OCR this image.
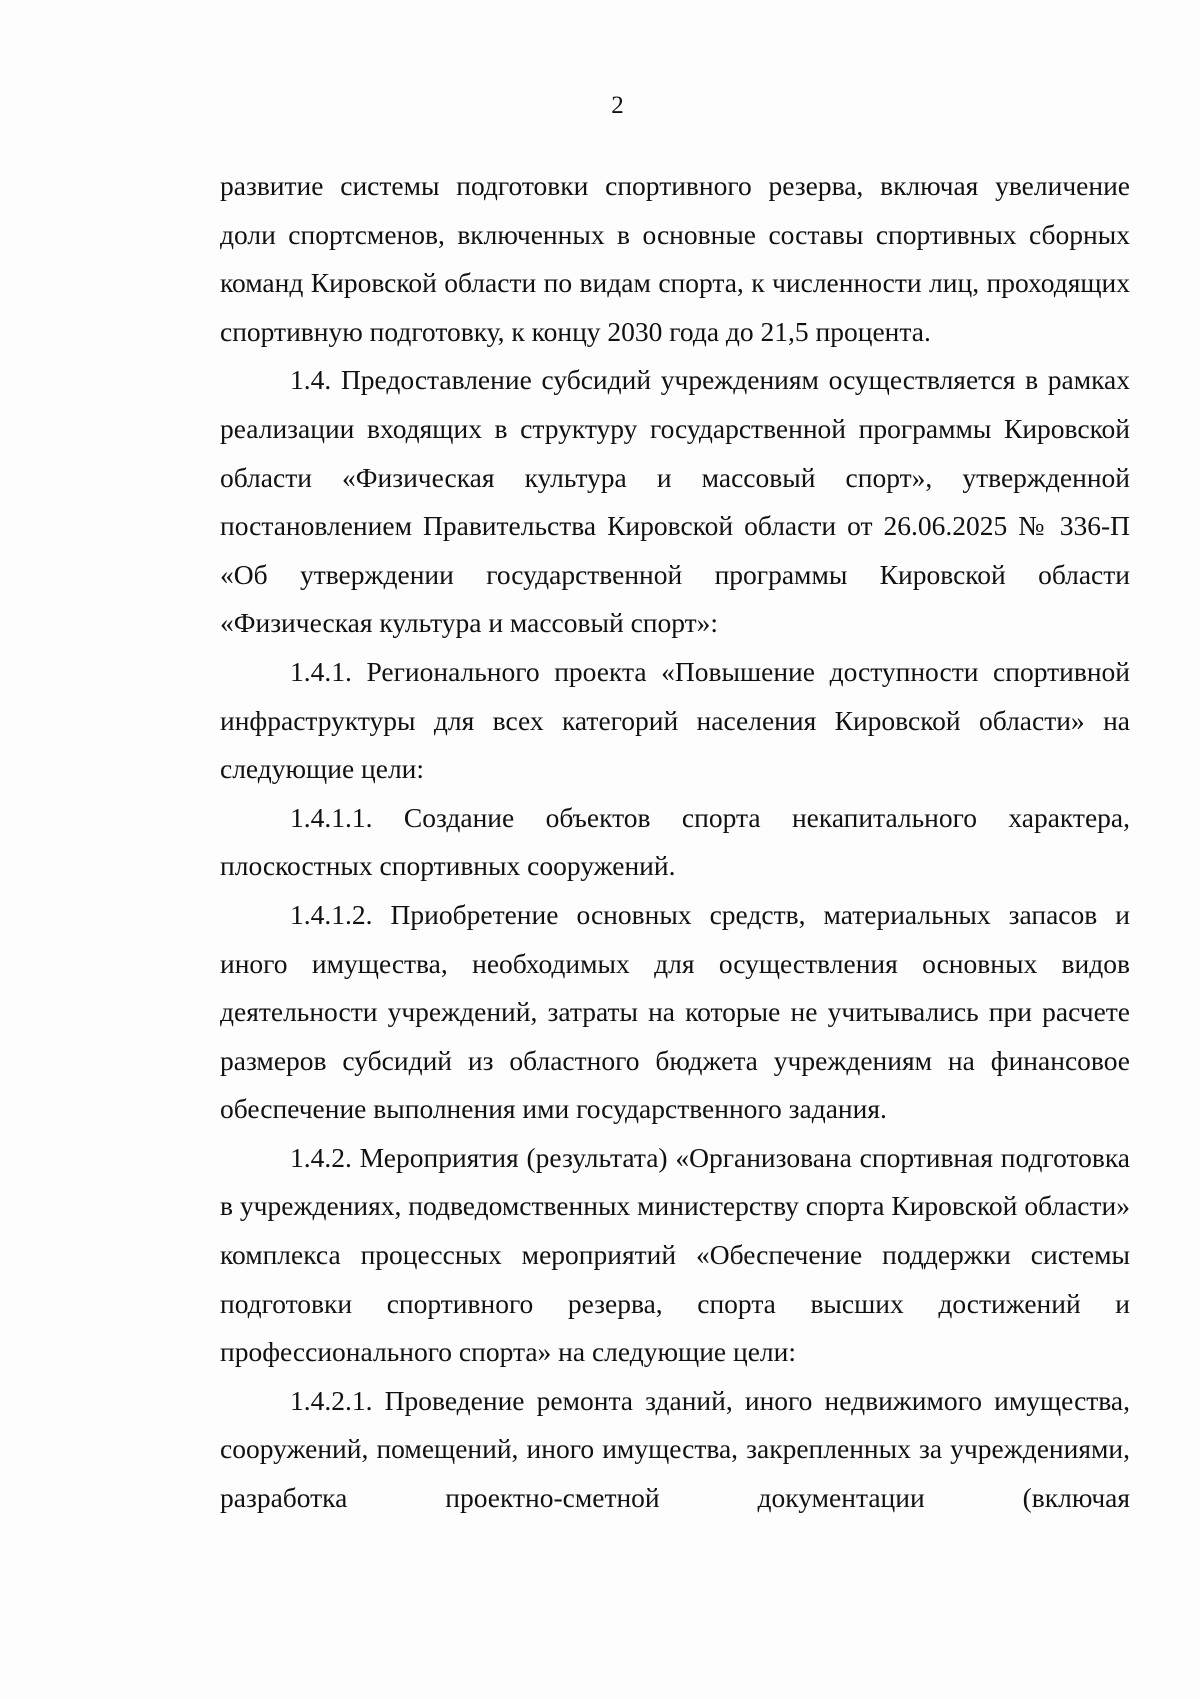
2

развитие системы подготовки спортивного резерва, включая увеличение доли спортсменов, включенных в основные составы спортивных сборных команд Кировской области по видам спорта, к численности лиц, проходящих спортивную подготовку, к концу 2030 года до 21,5 процента.

1.4. Предоставление субсидий учреждениям осуществляется в рамках реализации входящих в структуру государственной программы Кировской области «Физическая культура и массовый спорт», утвержденной постановлением Правительства Кировской области от 26.06.2025 № 336-П «Об утверждении государственной программы Кировской области «Физическая культура и массовый спорт»:

1.4.1. Регионального проекта «Повышение доступности спортивной инфраструктуры для всех категорий населения Кировской области» на следующие цели:

1.4.1.1. Создание объектов спорта некапитального характера, плоскостных спортивных сооружений.

1.4.1.2. Приобретение основных средств, материальных запасов и иного имущества, необходимых для осуществления основных видов деятельности учреждений, затраты на которые не учитывались при расчете размеров субсидий из областного бюджета учреждениям на финансовое обеспечение выполнения ими государственного задания.

1.4.2. Мероприятия (результата) «Организована спортивная подготовка в учреждениях, подведомственных министерству спорта Кировской области» комплекса процессных мероприятий «Обеспечение поддержки системы подготовки спортивного резерва, спорта высших достижений и профессионального спорта» на следующие цели:

1.4.2.1. Проведение ремонта зданий, иного недвижимого имущества, сооружений, помещений, иного имущества, закрепленных за учреждениями, разработка проектно-сметной документации (включая
